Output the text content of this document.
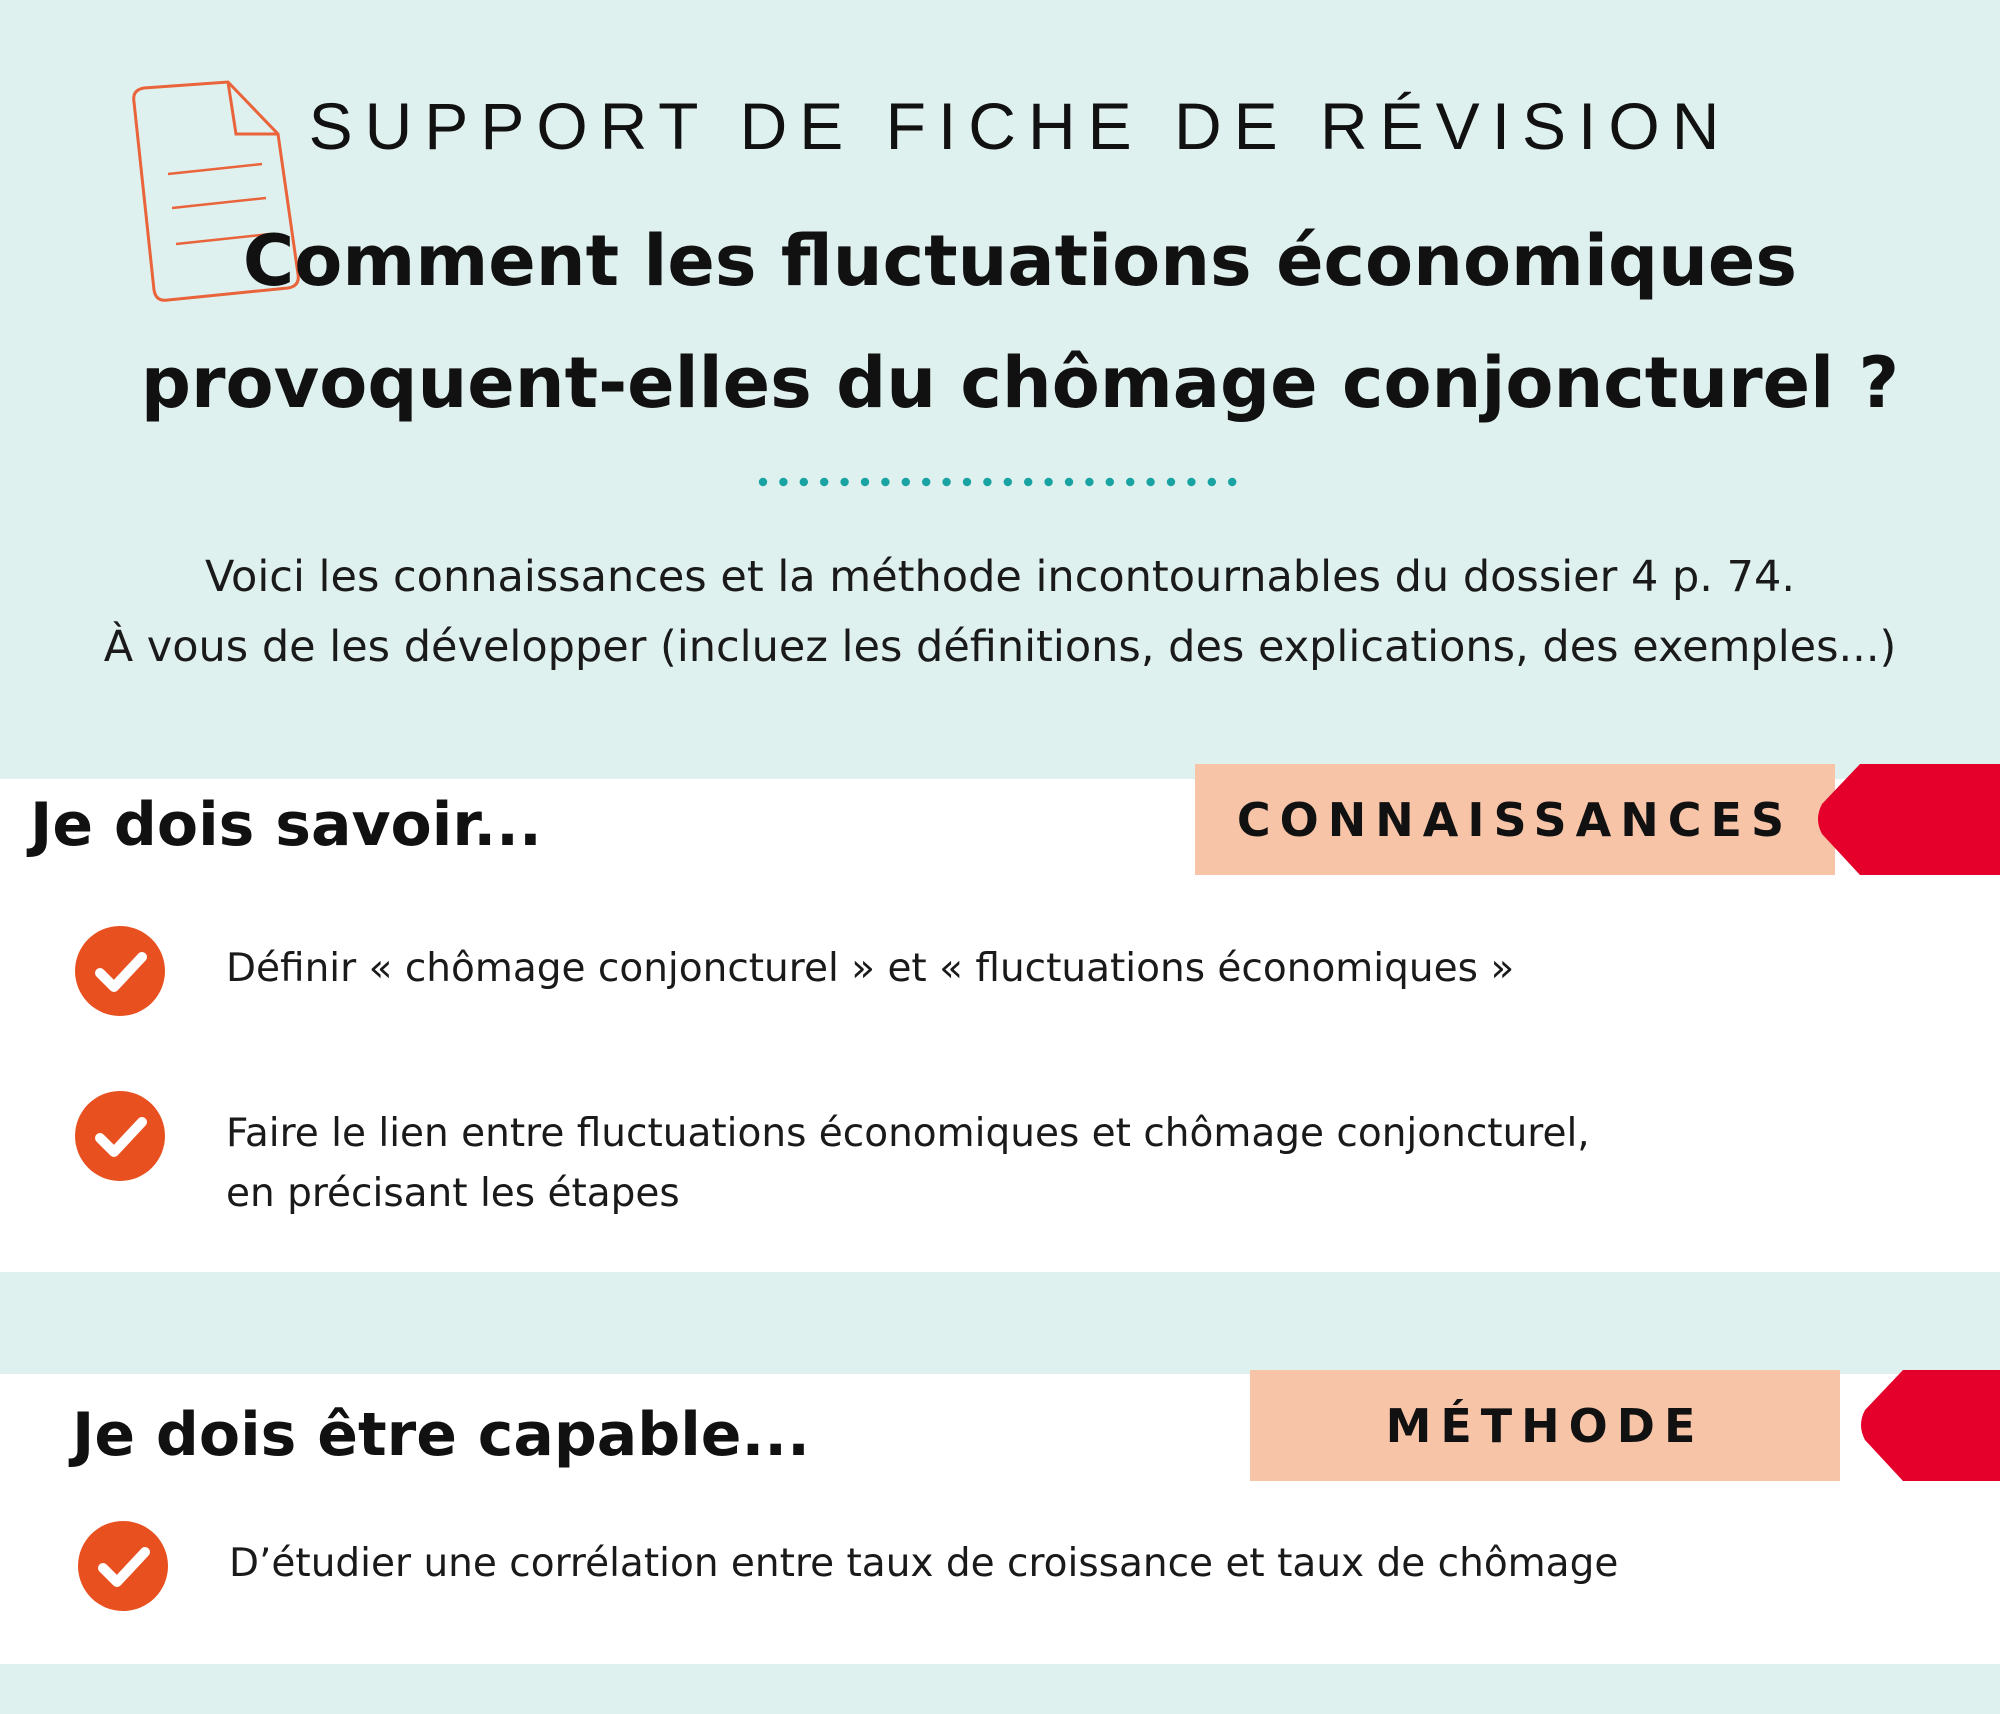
SUPPORT DE FICHE DE RÉVISION
Comment les fluctuations économiques
provoquent-elles du chômage conjoncturel ?
Voici les connaissances et la méthode incontournables du dossier 4 p. 74.
À vous de les développer (incluez les définitions, des explications, des exemples...)
Je dois savoir...	CONNAISSANCES
Définir « chômage conjoncturel » et « fluctuations économiques »
Faire le lien entre fluctuations économiques et chômage conjoncturel,
en précisant les étapes
Je dois être capable...	MÉTHODE
D’étudier une corrélation entre taux de croissance et taux de chômage
